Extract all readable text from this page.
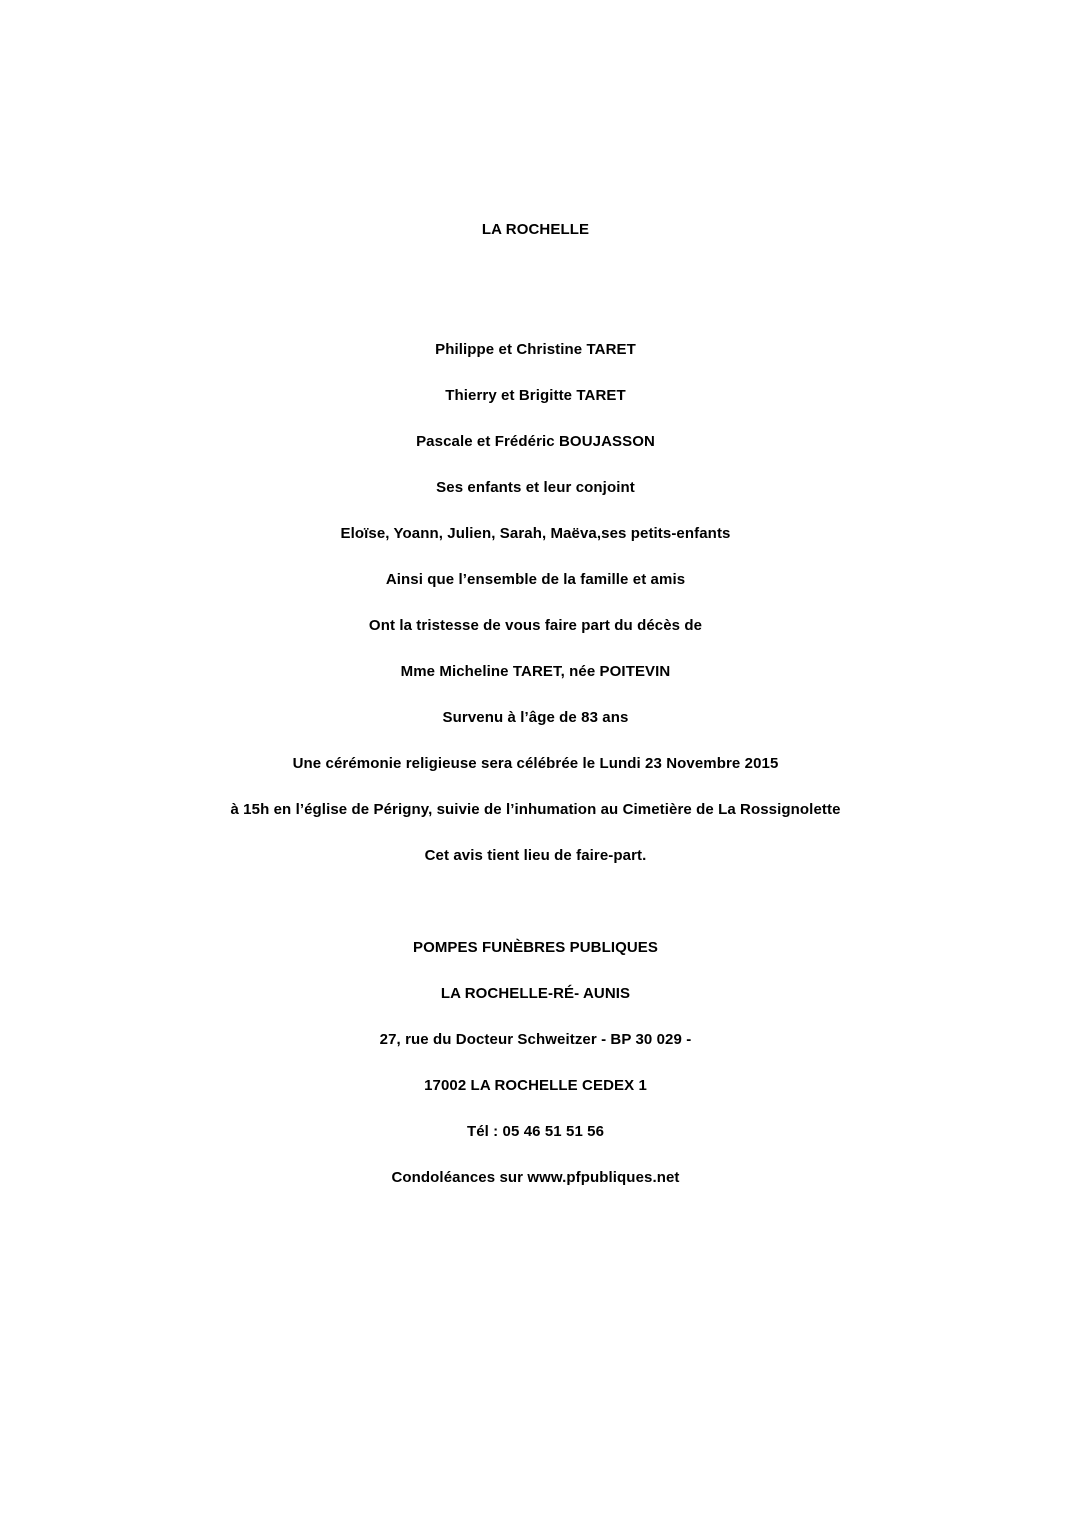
LA ROCHELLE

Philippe et Christine TARET

Thierry et Brigitte TARET

Pascale et Frédéric BOUJASSON

Ses enfants et leur conjoint

Eloïse, Yoann, Julien, Sarah, Maëva,ses petits-enfants

Ainsi que l’ensemble de la famille et amis

Ont la tristesse de vous faire part du décès de

Mme Micheline TARET, née POITEVIN

Survenu à l’âge de 83 ans

Une cérémonie religieuse sera célébrée le Lundi 23 Novembre 2015

à 15h en l’église de Périgny, suivie de l’inhumation au Cimetière de La Rossignolette

Cet avis tient lieu de faire-part.

POMPES FUNÈBRES PUBLIQUES

LA ROCHELLE-RÉ- AUNIS

27, rue du Docteur Schweitzer - BP 30 029 -

17002 LA ROCHELLE CEDEX 1

Tél : 05 46 51 51 56

Condoléances sur www.pfpubliques.net
